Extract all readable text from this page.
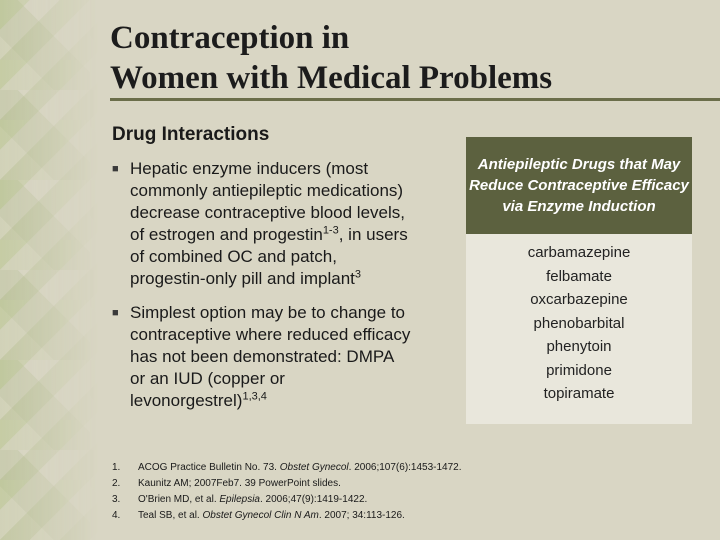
Contraception in
Women with Medical Problems
Drug Interactions
■ Hepatic enzyme inducers (most commonly antiepileptic medications) decrease contraceptive blood levels, of estrogen and progestin$^{1-3}$, in users of combined OC and patch, progestin-only pill and implant$^3$
■ Simplest option may be to change to contraceptive where reduced efficacy has not been demonstrated: DMPA or an IUD (copper or levonorgestrel)$^{1,3,4}$
Antiepileptic Drugs that May Reduce Contraceptive Efficacy via Enzyme Induction
carbamazepine
felbamate
oxcarbazepine
phenobarbital
phenytoin
primidone
topiramate
1.	ACOG Practice Bulletin No. 73. Obstet Gynecol. 2006;107(6):1453-1472.
2.	Kaunitz AM; 2007Feb7. 39 PowerPoint slides.
3.	O'Brien MD, et al. Epilepsia. 2006;47(9):1419-1422.
4.	Teal SB, et al. Obstet Gynecol Clin N Am. 2007; 34:113-126.
